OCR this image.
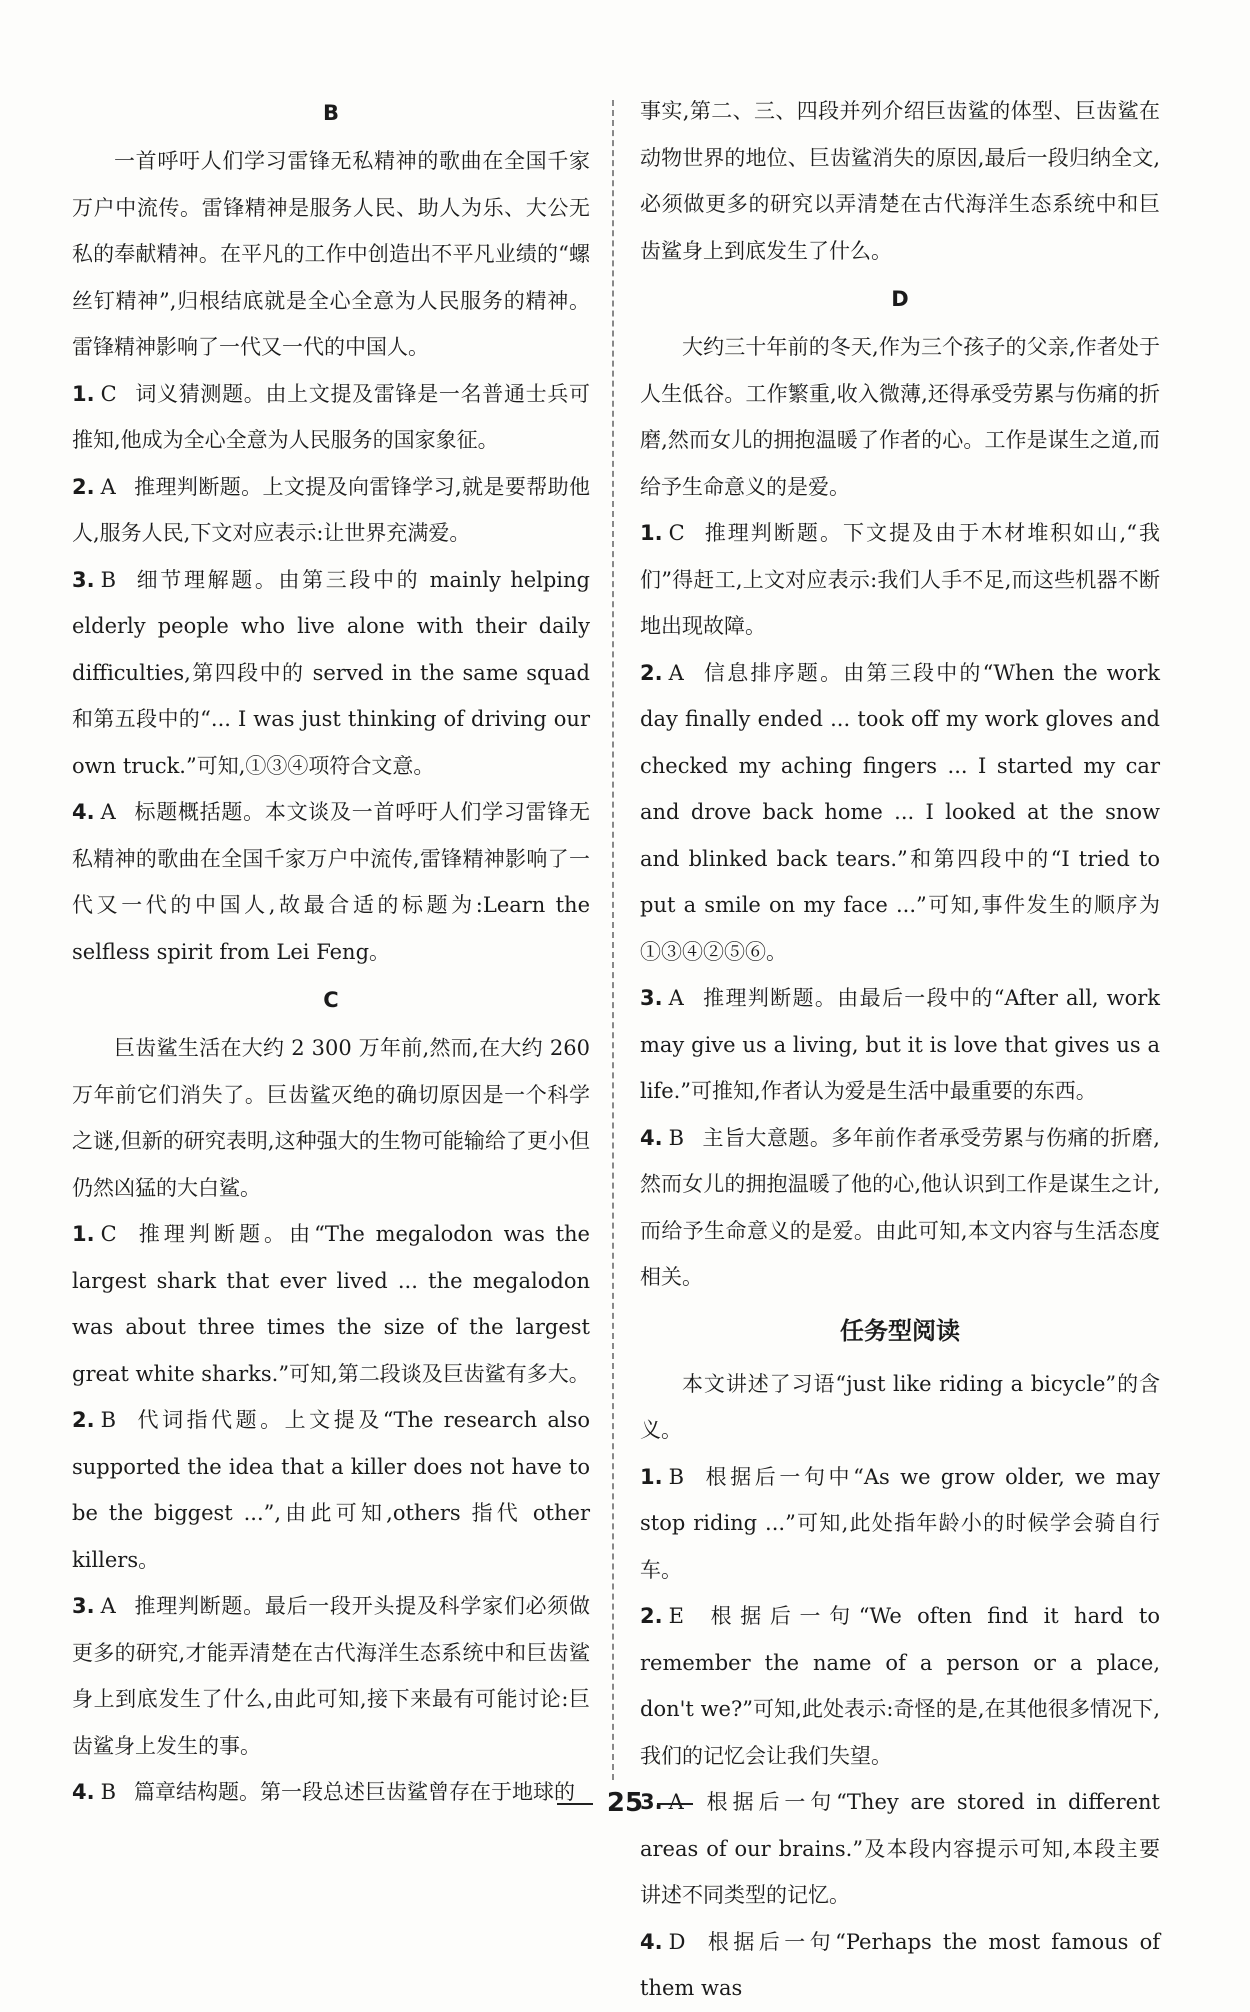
B

一首呼吁人们学习雷锋无私精神的歌曲在全国千家万户中流传。雷锋精神是服务人民、助人为乐、大公无私的奉献精神。在平凡的工作中创造出不平凡业绩的“螺丝钉精神”,归根结底就是全心全意为人民服务的精神。雷锋精神影响了一代又一代的中国人。

1. C 词义猜测题。由上文提及雷锋是一名普通士兵可推知,他成为全心全意为人民服务的国家象征。

2. A 推理判断题。上文提及向雷锋学习,就是要帮助他人,服务人民,下文对应表示:让世界充满爱。

3. B 细节理解题。由第三段中的 mainly helping elderly people who live alone with their daily difficulties,第四段中的 served in the same squad 和第五段中的“... I was just thinking of driving our own truck.”可知,①③④项符合文意。

4. A 标题概括题。本文谈及一首呼吁人们学习雷锋无私精神的歌曲在全国千家万户中流传,雷锋精神影响了一代又一代的中国人,故最合适的标题为:Learn the selfless spirit from Lei Feng。

C

巨齿鲨生活在大约 2 300 万年前,然而,在大约 260 万年前它们消失了。巨齿鲨灭绝的确切原因是一个科学之谜,但新的研究表明,这种强大的生物可能输给了更小但仍然凶猛的大白鲨。

1. C 推理判断题。由“The megalodon was the largest shark that ever lived ... the megalodon was about three times the size of the largest great white sharks.”可知,第二段谈及巨齿鲨有多大。

2. B 代词指代题。上文提及“The research also supported the idea that a killer does not have to be the biggest ...”,由此可知,others 指代 other killers。

3. A 推理判断题。最后一段开头提及科学家们必须做更多的研究,才能弄清楚在古代海洋生态系统中和巨齿鲨身上到底发生了什么,由此可知,接下来最有可能讨论:巨齿鲨身上发生的事。

4. B 篇章结构题。第一段总述巨齿鲨曾存在于地球的

事实,第二、三、四段并列介绍巨齿鲨的体型、巨齿鲨在动物世界的地位、巨齿鲨消失的原因,最后一段归纳全文,必须做更多的研究以弄清楚在古代海洋生态系统中和巨齿鲨身上到底发生了什么。

D

大约三十年前的冬天,作为三个孩子的父亲,作者处于人生低谷。工作繁重,收入微薄,还得承受劳累与伤痛的折磨,然而女儿的拥抱温暖了作者的心。工作是谋生之道,而给予生命意义的是爱。

1. C 推理判断题。下文提及由于木材堆积如山,“我们”得赶工,上文对应表示:我们人手不足,而这些机器不断地出现故障。

2. A 信息排序题。由第三段中的“When the work day finally ended ... took off my work gloves and checked my aching fingers ... I started my car and drove back home ... I looked at the snow and blinked back tears.”和第四段中的“I tried to put a smile on my face ...”可知,事件发生的顺序为①③④②⑤⑥。

3. A 推理判断题。由最后一段中的“After all, work may give us a living, but it is love that gives us a life.”可推知,作者认为爱是生活中最重要的东西。

4. B 主旨大意题。多年前作者承受劳累与伤痛的折磨,然而女儿的拥抱温暖了他的心,他认识到工作是谋生之计,而给予生命意义的是爱。由此可知,本文内容与生活态度相关。

任务型阅读

本文讲述了习语“just like riding a bicycle”的含义。

1. B 根据后一句中“As we grow older, we may stop riding ...”可知,此处指年龄小的时候学会骑自行车。

2. E 根据后一句“We often find it hard to remember the name of a person or a place, don't we?”可知,此处表示:奇怪的是,在其他很多情况下,我们的记忆会让我们失望。

3. A 根据后一句“They are stored in different areas of our brains.”及本段内容提示可知,本段主要讲述不同类型的记忆。

4. D 根据后一句“Perhaps the most famous of them was

25
